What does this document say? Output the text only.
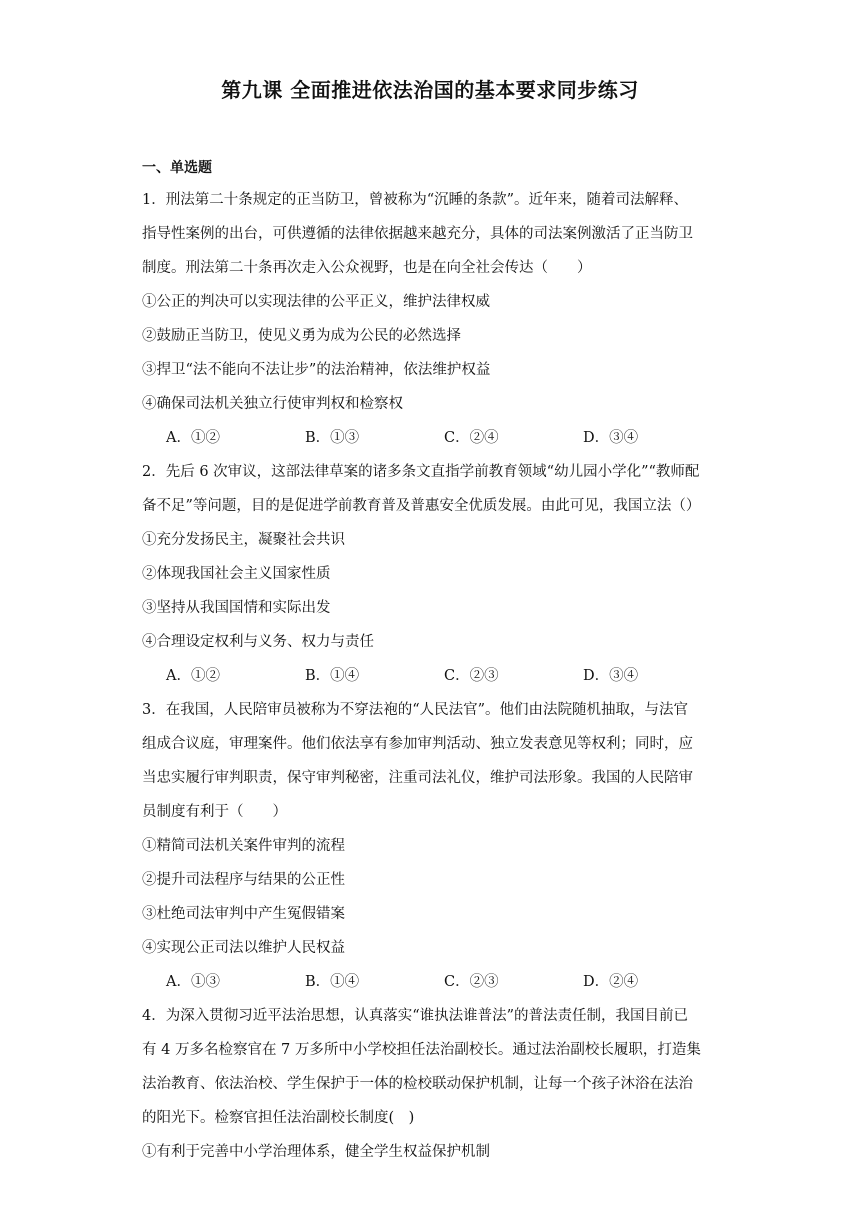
第九课 全面推进依法治国的基本要求同步练习
一、单选题

1．刑法第二十条规定的正当防卫，曾被称为“沉睡的条款”。近年来，随着司法解释、

指导性案例的出台，可供遵循的法律依据越来越充分，具体的司法案例激活了正当防卫

制度。刑法第二十条再次走入公众视野，也是在向全社会传达（　　）

①公正的判决可以实现法律的公平正义，维护法律权威

②鼓励正当防卫，使见义勇为成为公民的必然选择

③捍卫“法不能向不法让步”的法治精神，依法维护权益

④确保司法机关独立行使审判权和检察权

A．①②	B．①③	C．②④	D．③④

2．先后 6 次审议，这部法律草案的诸多条文直指学前教育领域“幼儿园小学化”“教师配

备不足”等问题，目的是促进学前教育普及普惠安全优质发展。由此可见，我国立法（）

①充分发扬民主，凝聚社会共识

②体现我国社会主义国家性质

③坚持从我国国情和实际出发

④合理设定权利与义务、权力与责任

A．①②	B．①④	C．②③	D．③④

3．在我国，人民陪审员被称为不穿法袍的“人民法官”。他们由法院随机抽取，与法官

组成合议庭，审理案件。他们依法享有参加审判活动、独立发表意见等权利；同时，应

当忠实履行审判职责，保守审判秘密，注重司法礼仪，维护司法形象。我国的人民陪审

员制度有利于（　　）

①精简司法机关案件审判的流程

②提升司法程序与结果的公正性

③杜绝司法审判中产生冤假错案

④实现公正司法以维护人民权益

A．①③	B．①④	C．②③	D．②④

4．为深入贯彻习近平法治思想，认真落实“谁执法谁普法”的普法责任制，我国目前已

有 4 万多名检察官在 7 万多所中小学校担任法治副校长。通过法治副校长履职，打造集

法治教育、依法治校、学生保护于一体的检校联动保护机制，让每一个孩子沐浴在法治

的阳光下。检察官担任法治副校长制度(　)

①有利于完善中小学治理体系，健全学生权益保护机制
